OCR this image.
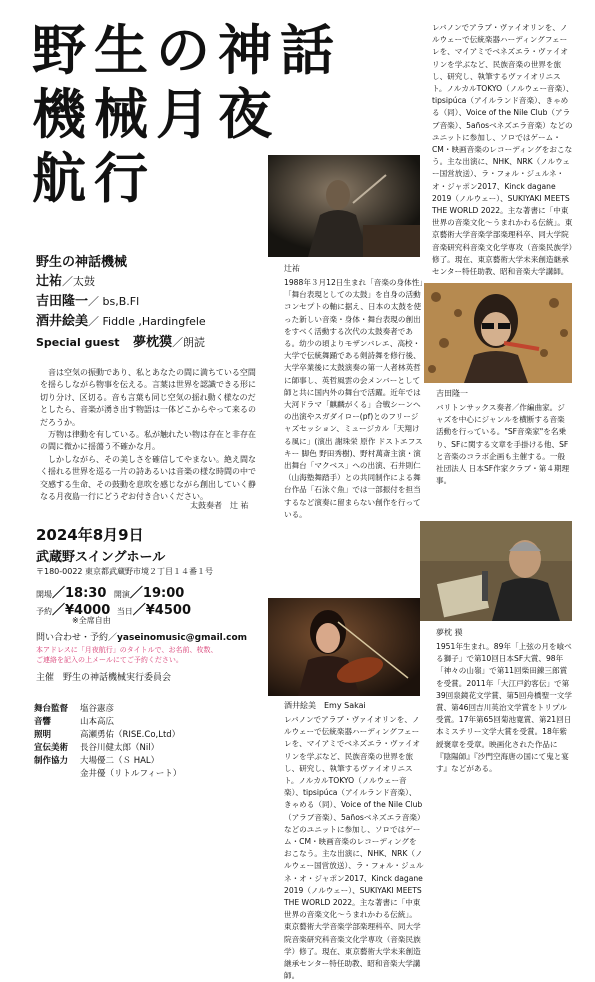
野生の神話
機械月夜
航行
野生の神話機械
辻祐／太鼓
吉田隆一／ bs,B.Fl
酒井絵美／ Fiddle ,Hardingfele
Special guest 夢枕獏／朗読

音は空気の振動であり、私とあなたの間に満ちている空間を揺らしながら物事を伝える。言葉は世界を認識できる形に切り分け、区切る。音も言葉も同じ空気の揺れ動く様なのだとしたら、音楽が湧き出す物語は一体どこからやって来るのだろうか。

万物は律動を有している。私が触れたい物は存在と非存在の間に微かに揺蕩う不確かな月。

しかしながら、その美しさを確信してやまない。絶え間なく揺れる世界を巡る一片の詩あるいは音楽の様な時間の中で交感する生命、その鼓動を息吹を感じながら創出していく静なる月夜島一行にどうぞお付き合いください。

太鼓奏者　辻 祐
2024年8月9日
武蔵野スイングホール
〒180-0022 東京都武蔵野市境２丁目１４番１号
開場／18:30 開演／19:00
予約／¥4000 当日／¥4500
※全席自由
問い合わせ・予約／yaseinomusic@gmail.com
本アドレスに「月夜航行」のタイトルで、お名前、枚数、
ご連絡を記入の上メールにてご予約ください。
主催　 野生の神話機械実行委員会
舞台監督	塩谷憲彦
音響	山本高広
照明	高瀬勇佑（RISE.Co,Ltd）
宣伝美術	長谷川健太郎（Nil）
制作協力	大場優二（Ｓ HAL）
	金井優（リトルフィート）
辻祐
1988年３月12日生まれ「音楽の身体性」「舞台表現としての太鼓」を自身の活動コンセプトの軸に据え、日本の太鼓を使った新しい音楽・身体・舞台表現の創出をすべく活動する次代の太鼓奏者である。幼少の頃よりモザンバレエ、高校・大学で伝統舞踊である剣詩舞を修行後、大学卒業後に太鼓演奏の第一人者林英哲に師事し、英哲風雲の会メンバーとして師と共に国内外の舞台で活躍。近年では大河ドラマ「麒麟がくる」合戦シーンへの出演やスガダイロー(pf)とのフリージャズセッション、ミュージカル「天翔ける風に」(演出 謝珠栄 原作 ドストエフスキー 脚色 野田秀樹)、野村萬斎主演・演出舞台「マクベス」への出演、石井則仁（山海塾舞踏手）との共同制作による舞台作品「石泳ぐ魚」では一部振付を担当するなど演奏に留まらない創作を行っている。
レバノンでアラブ・ヴァイオリンを、ノルウェーで伝統楽器ハーディングフェーレを、マイアミでベネズエラ・ヴァイオリンを学ぶなど、民族音楽の世界を旅し、研究し、執筆するヴァイオリニスト。ノルカルTOKYO（ノルウェー音楽）、tipsipúca（アイルランド音楽）、きゃめる（同）、Voice of the Nile Club（アラブ音楽）、5añosベネズエラ音楽）などのユニットに参加し、ソロではゲーム・CM・映画音楽のレコーディングをおこなう。主な出演に、NHK、NRK（ノルウェー国営放送）、ラ・フォル・ジュルネ・オ・ジャポン2017、Kinck dagane 2019（ノルウェー）、SUKIYAKI MEETS THE WORLD 2022。主な著書に「中東世界の音楽文化～うまれかわる伝統」。東京藝術大学音楽学部楽理科卒、同大学院音楽研究科音楽文化学専攻（音楽民族学）修了。現在、東京藝術大学未来創造継承センター特任助教、昭和音楽大学講師。
吉田隆一
バリトンサックス奏者／作編曲家。ジャズを中心にジャンルを横断する音楽活動を行っている。"SF音楽家"を名乗り、SFに関する文章を手掛ける他、SFと音楽のコラボ企画も主催する。一般社団法人 日本SF作家クラブ・第４期理事。
夢枕 獏
1951年生まれ。89年「上弦の月を喰べる獅子」で第10回日本SF大賞、98年「神々の山嶺」で第11回柴田錬三郎賞を受賞。2011年「大江戸釣客伝」で第39回泉鏡花文学賞、第5回舟橋聖一文学賞、第46回吉川英治文学賞をトリプル受賞。17年第65回菊池寛賞、第21回日本ミステリー文学大賞を受賞。18年紫綬褒章を受章。映画化された作品に『陰陽師』『沙門空海唐の国にて鬼と宴す』などがある。
酒井絵美　Emy Sakai
レバノンでアラブ・ヴァイオリンを、ノルウェーで伝統楽器ハーディングフェーレを、マイアミでベネズエラ・ヴァイオリンを学ぶなど、民族音楽の世界を旅し、研究し、執筆するヴァイオリニスト。ノルカルTOKYO（ノルウェー音楽）、tipsipúca（アイルランド音楽）、きゃめる（同）、Voice of the Nile Club（アラブ音楽）、5añosベネズエラ音楽）などのユニットに参加し、ソロではゲーム・CM・映画音楽のレコーディングをおこなう。主な出演に、NHK、NRK（ノルウェー国営放送）、ラ・フォル・ジュルネ・オ・ジャポン2017、Kinck dagane 2019（ノルウェー）、SUKIYAKI MEETS THE WORLD 2022。主な著書に「中東世界の音楽文化～うまれかわる伝統」。東京藝術大学音楽学部楽理科卒、同大学院音楽研究科音楽文化学専攻（音楽民族学）修了。現在、東京藝術大学未来創造継承センター特任助教、昭和音楽大学講師。
